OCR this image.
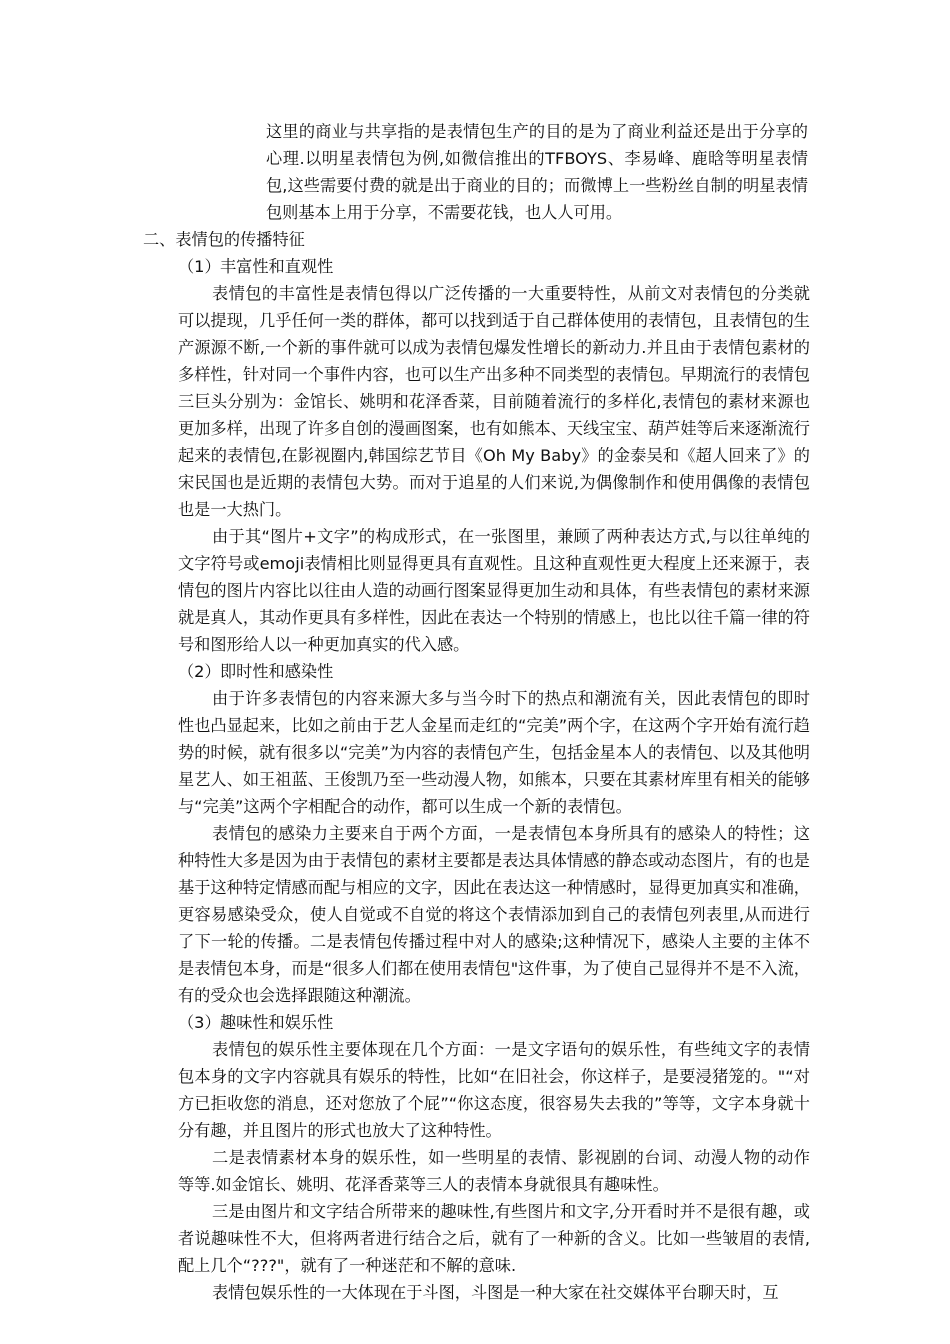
这里的商业与共享指的是表情包生产的目的是为了商业利益还是出于分享的心理.以明星表情包为例,如微信推出的TFBOYS、李易峰、鹿晗等明星表情包,这些需要付费的就是出于商业的目的；而微博上一些粉丝自制的明星表情包则基本上用于分享，不需要花钱，也人人可用。

二、表情包的传播特征

（1）丰富性和直观性

表情包的丰富性是表情包得以广泛传播的一大重要特性，从前文对表情包的分类就可以提现，几乎任何一类的群体，都可以找到适于自己群体使用的表情包，且表情包的生产源源不断,一个新的事件就可以成为表情包爆发性增长的新动力.并且由于表情包素材的多样性，针对同一个事件内容，也可以生产出多种不同类型的表情包。早期流行的表情包三巨头分别为：金馆长、姚明和花泽香菜，目前随着流行的多样化,表情包的素材来源也更加多样，出现了许多自创的漫画图案，也有如熊本、天线宝宝、葫芦娃等后来逐渐流行起来的表情包,在影视圈内,韩国综艺节目《Oh My Baby》的金泰吴和《超人回来了》的宋民国也是近期的表情包大势。而对于追星的人们来说,为偶像制作和使用偶像的表情包也是一大热门。

由于其“图片+文字”的构成形式，在一张图里，兼顾了两种表达方式,与以往单纯的文字符号或emoji表情相比则显得更具有直观性。且这种直观性更大程度上还来源于，表情包的图片内容比以往由人造的动画行图案显得更加生动和具体，有些表情包的素材来源就是真人，其动作更具有多样性，因此在表达一个特别的情感上，也比以往千篇一律的符号和图形给人以一种更加真实的代入感。

（2）即时性和感染性

由于许多表情包的内容来源大多与当今时下的热点和潮流有关，因此表情包的即时性也凸显起来，比如之前由于艺人金星而走红的“完美”两个字，在这两个字开始有流行趋势的时候，就有很多以“完美”为内容的表情包产生，包括金星本人的表情包、以及其他明星艺人、如王祖蓝、王俊凯乃至一些动漫人物，如熊本，只要在其素材库里有相关的能够与“完美”这两个字相配合的动作，都可以生成一个新的表情包。

表情包的感染力主要来自于两个方面，一是表情包本身所具有的感染人的特性；这种特性大多是因为由于表情包的素材主要都是表达具体情感的静态或动态图片，有的也是基于这种特定情感而配与相应的文字，因此在表达这一种情感时，显得更加真实和准确，更容易感染受众，使人自觉或不自觉的将这个表情添加到自己的表情包列表里,从而进行了下一轮的传播。二是表情包传播过程中对人的感染;这种情况下，感染人主要的主体不是表情包本身，而是“很多人们都在使用表情包"这件事，为了使自己显得并不是不入流，有的受众也会选择跟随这种潮流。

（3）趣味性和娱乐性

表情包的娱乐性主要体现在几个方面：一是文字语句的娱乐性，有些纯文字的表情包本身的文字内容就具有娱乐的特性，比如“在旧社会，你这样子，是要浸猪笼的。"“对方已拒收您的消息，还对您放了个屁”“你这态度，很容易失去我的”等等，文字本身就十分有趣，并且图片的形式也放大了这种特性。

二是表情素材本身的娱乐性，如一些明星的表情、影视剧的台词、动漫人物的动作等等.如金馆长、姚明、花泽香菜等三人的表情本身就很具有趣味性。

三是由图片和文字结合所带来的趣味性,有些图片和文字,分开看时并不是很有趣，或者说趣味性不大，但将两者进行结合之后，就有了一种新的含义。比如一些皱眉的表情,配上几个“???"，就有了一种迷茫和不解的意味.

表情包娱乐性的一大体现在于斗图，斗图是一种大家在社交媒体平台聊天时，互
